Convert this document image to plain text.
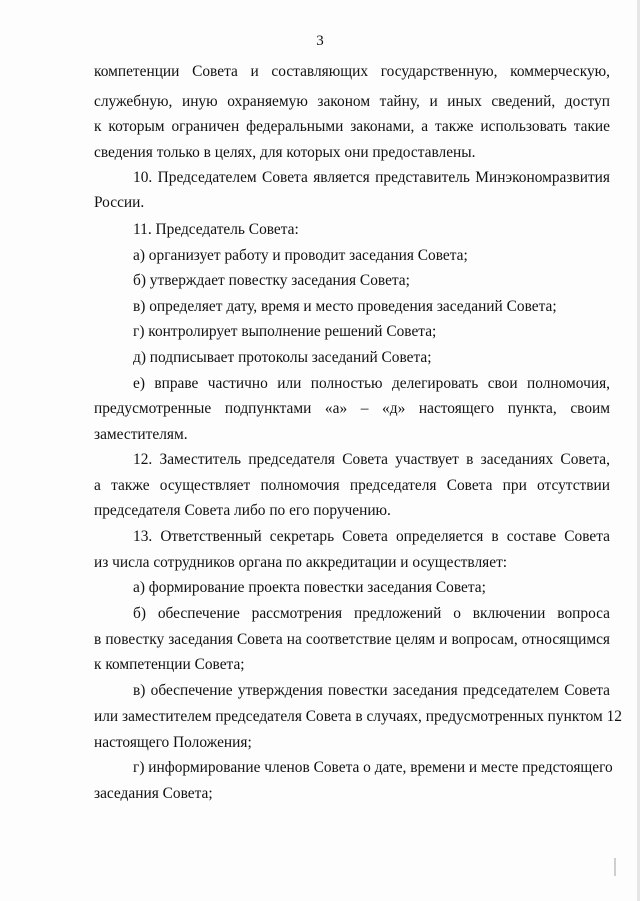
3
компетенции Совета и составляющих государственную, коммерческую,
служебную, иную охраняемую законом тайну, и иных сведений, доступ
к которым ограничен федеральными законами, а также использовать такие
сведения только в целях, для которых они предоставлены.
10. Председателем Совета является представитель Минэкономразвития
России.
11. Председатель Совета:
а) организует работу и проводит заседания Совета;
б) утверждает повестку заседания Совета;
в) определяет дату, время и место проведения заседаний Совета;
г) контролирует выполнение решений Совета;
д) подписывает протоколы заседаний Совета;
е) вправе частично или полностью делегировать свои полномочия,
предусмотренные подпунктами «а» – «д» настоящего пункта, своим
заместителям.
12. Заместитель председателя Совета участвует в заседаниях Совета,
а также осуществляет полномочия председателя Совета при отсутствии
председателя Совета либо по его поручению.
13. Ответственный секретарь Совета определяется в составе Совета
из числа сотрудников органа по аккредитации и осуществляет:
а) формирование проекта повестки заседания Совета;
б) обеспечение рассмотрения предложений о включении вопроса
в повестку заседания Совета на соответствие целям и вопросам, относящимся
к компетенции Совета;
в) обеспечение утверждения повестки заседания председателем Совета
или заместителем председателя Совета в случаях, предусмотренных пунктом 12
настоящего Положения;
г) информирование членов Совета о дате, времени и месте предстоящего
заседания Совета;
